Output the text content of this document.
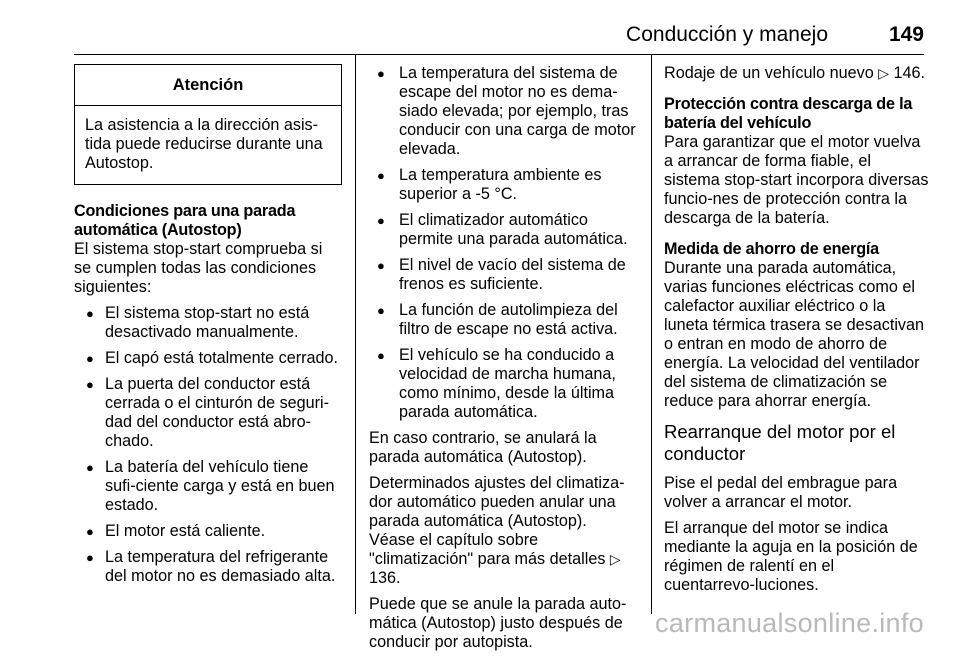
Conducción y manejo	149
Atención
La asistencia a la dirección asis-tida puede reducirse durante una Autostop.
Condiciones para una parada automática (Autostop)

El sistema stop-start comprueba si se cumplen todas las condiciones siguientes:

● El sistema stop-start no está desactivado manualmente.
● El capó está totalmente cerrado.
● La puerta del conductor está cerrada o el cinturón de seguri-dad del conductor está abro-chado.
● La batería del vehículo tiene sufi-ciente carga y está en buen estado.
● El motor está caliente.
● La temperatura del refrigerante del motor no es demasiado alta.
● La temperatura del sistema de escape del motor no es dema-siado elevada; por ejemplo, tras conducir con una carga de motor elevada.
● La temperatura ambiente es superior a -5 °C.
● El climatizador automático permite una parada automática.
● El nivel de vacío del sistema de frenos es suficiente.
● La función de autolimpieza del filtro de escape no está activa.
● El vehículo se ha conducido a velocidad de marcha humana, como mínimo, desde la última parada automática.

En caso contrario, se anulará la parada automática (Autostop).

Determinados ajustes del climatiza-dor automático pueden anular una parada automática (Autostop). Véase el capítulo sobre "climatización" para más detalles ▷ 136.

Puede que se anule la parada auto-mática (Autostop) justo después de conducir por autopista.

Rodaje de un vehículo nuevo ▷ 146.

Protección contra descarga de la batería del vehículo

Para garantizar que el motor vuelva a arrancar de forma fiable, el sistema stop-start incorpora diversas funcio-nes de protección contra la descarga de la batería.

Medida de ahorro de energía

Durante una parada automática, varias funciones eléctricas como el calefactor auxiliar eléctrico o la luneta térmica trasera se desactivan o entran en modo de ahorro de energía. La velocidad del ventilador del sistema de climatización se reduce para ahorrar energía.

Rearranque del motor por el conductor

Pise el pedal del embrague para volver a arrancar el motor.

El arranque del motor se indica mediante la aguja en la posición de régimen de ralentí en el cuentarrevo-luciones.

carmanualsonline.info
